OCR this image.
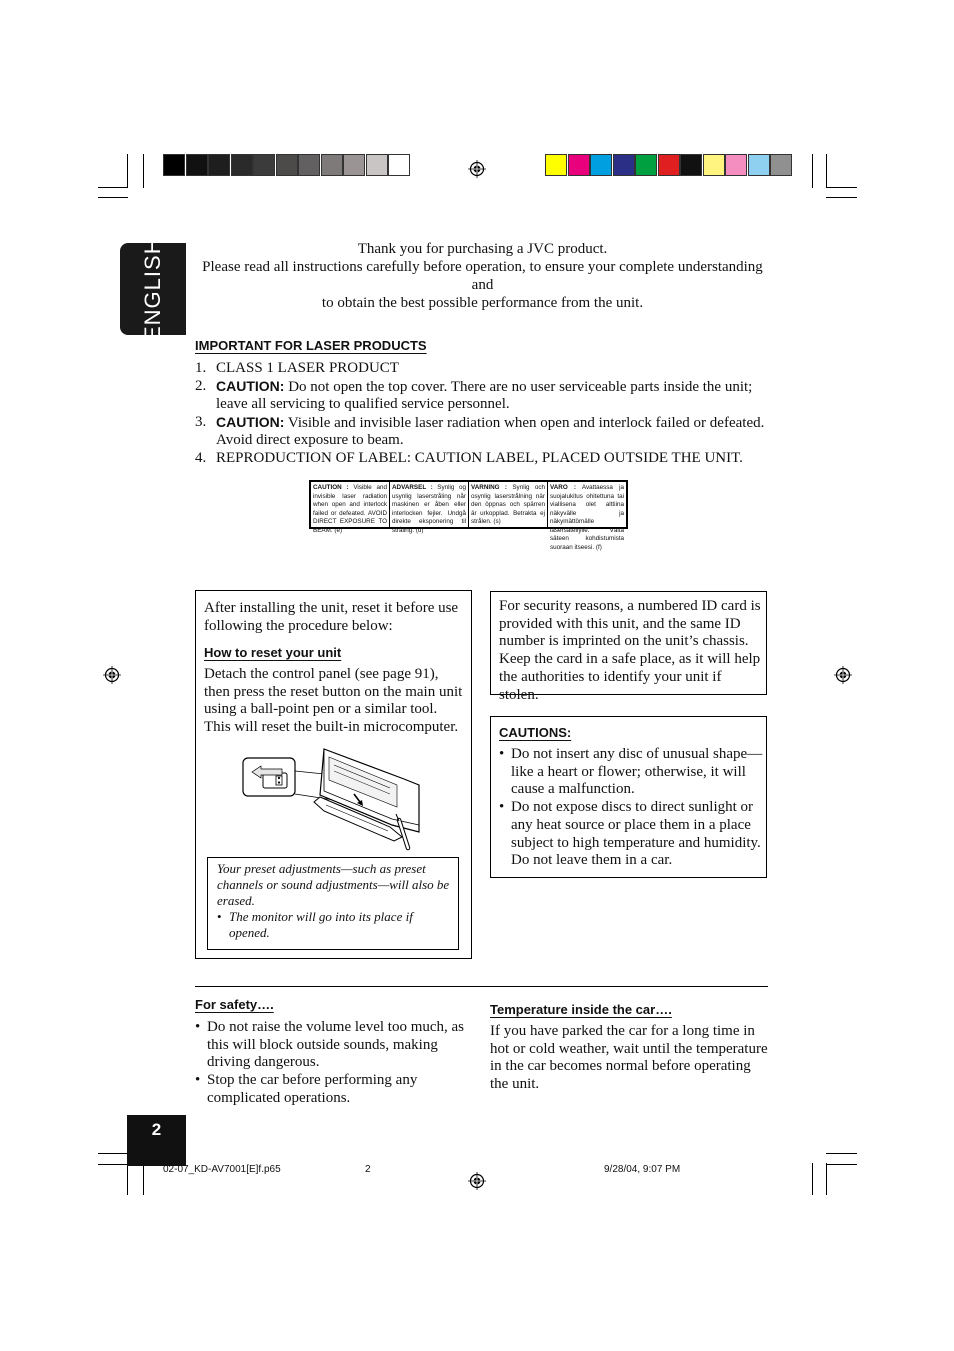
ENGLISH	Thank you for purchasing a JVC product.
Please read all instructions carefully before operation, to ensure your complete understanding and
to obtain the best possible performance from the unit.
IMPORTANT FOR LASER PRODUCTS
1. CLASS 1 LASER PRODUCT
2. CAUTION: Do not open the top cover. There are no user serviceable parts inside the unit;
leave all servicing to qualified service personnel.
3. CAUTION: Visible and invisible laser radiation when open and interlock failed or defeated.
Avoid direct exposure to beam.
4. REPRODUCTION OF LABEL: CAUTION LABEL, PLACED OUTSIDE THE UNIT.
CAUTION : Visible and invisible laser radiation when open and interlock failed or defeated. AVOID DIRECT EXPOSURE TO BEAM. (e)
ADVARSEL : Synlig og usynlig laserstråling når maskinen er åben eller interlocken fejler. Undgå direkte eksponering til stråling. (d)
VARNING : Synlig och osynlig laserstrålning när den öppnas och spärren är urkopplad. Betrakta ej strålen. (s)
VARO : Avattaessa ja suojalukitus ohitettuna tai viallisena olet alttiina näkyvälle ja näkymättömälle lasersäteilylle. Vältä säteen kohdistumista suoraan itseesi. (f)
After installing the unit, reset it before use following the procedure below:
How to reset your unit
Detach the control panel (see page 91), then press the reset button on the main unit using a ball-point pen or a similar tool.
This will reset the built-in microcomputer.
Your preset adjustments—such as preset channels or sound adjustments—will also be erased.
• The monitor will go into its place if opened.
For security reasons, a numbered ID card is provided with this unit, and the same ID number is imprinted on the unit’s chassis. Keep the card in a safe place, as it will help the authorities to identify your unit if stolen.
CAUTIONS:
• Do not insert any disc of unusual shape—like a heart or flower; otherwise, it will cause a malfunction.
• Do not expose discs to direct sunlight or any heat source or place them in a place subject to high temperature and humidity. Do not leave them in a car.
For safety….
• Do not raise the volume level too much, as this will block outside sounds, making driving dangerous.
• Stop the car before performing any complicated operations.
Temperature inside the car….
If you have parked the car for a long time in hot or cold weather, wait until the temperature in the car becomes normal before operating the unit.
2
02-07_KD-AV7001[E]f.p65	2	9/28/04, 9:07 PM
